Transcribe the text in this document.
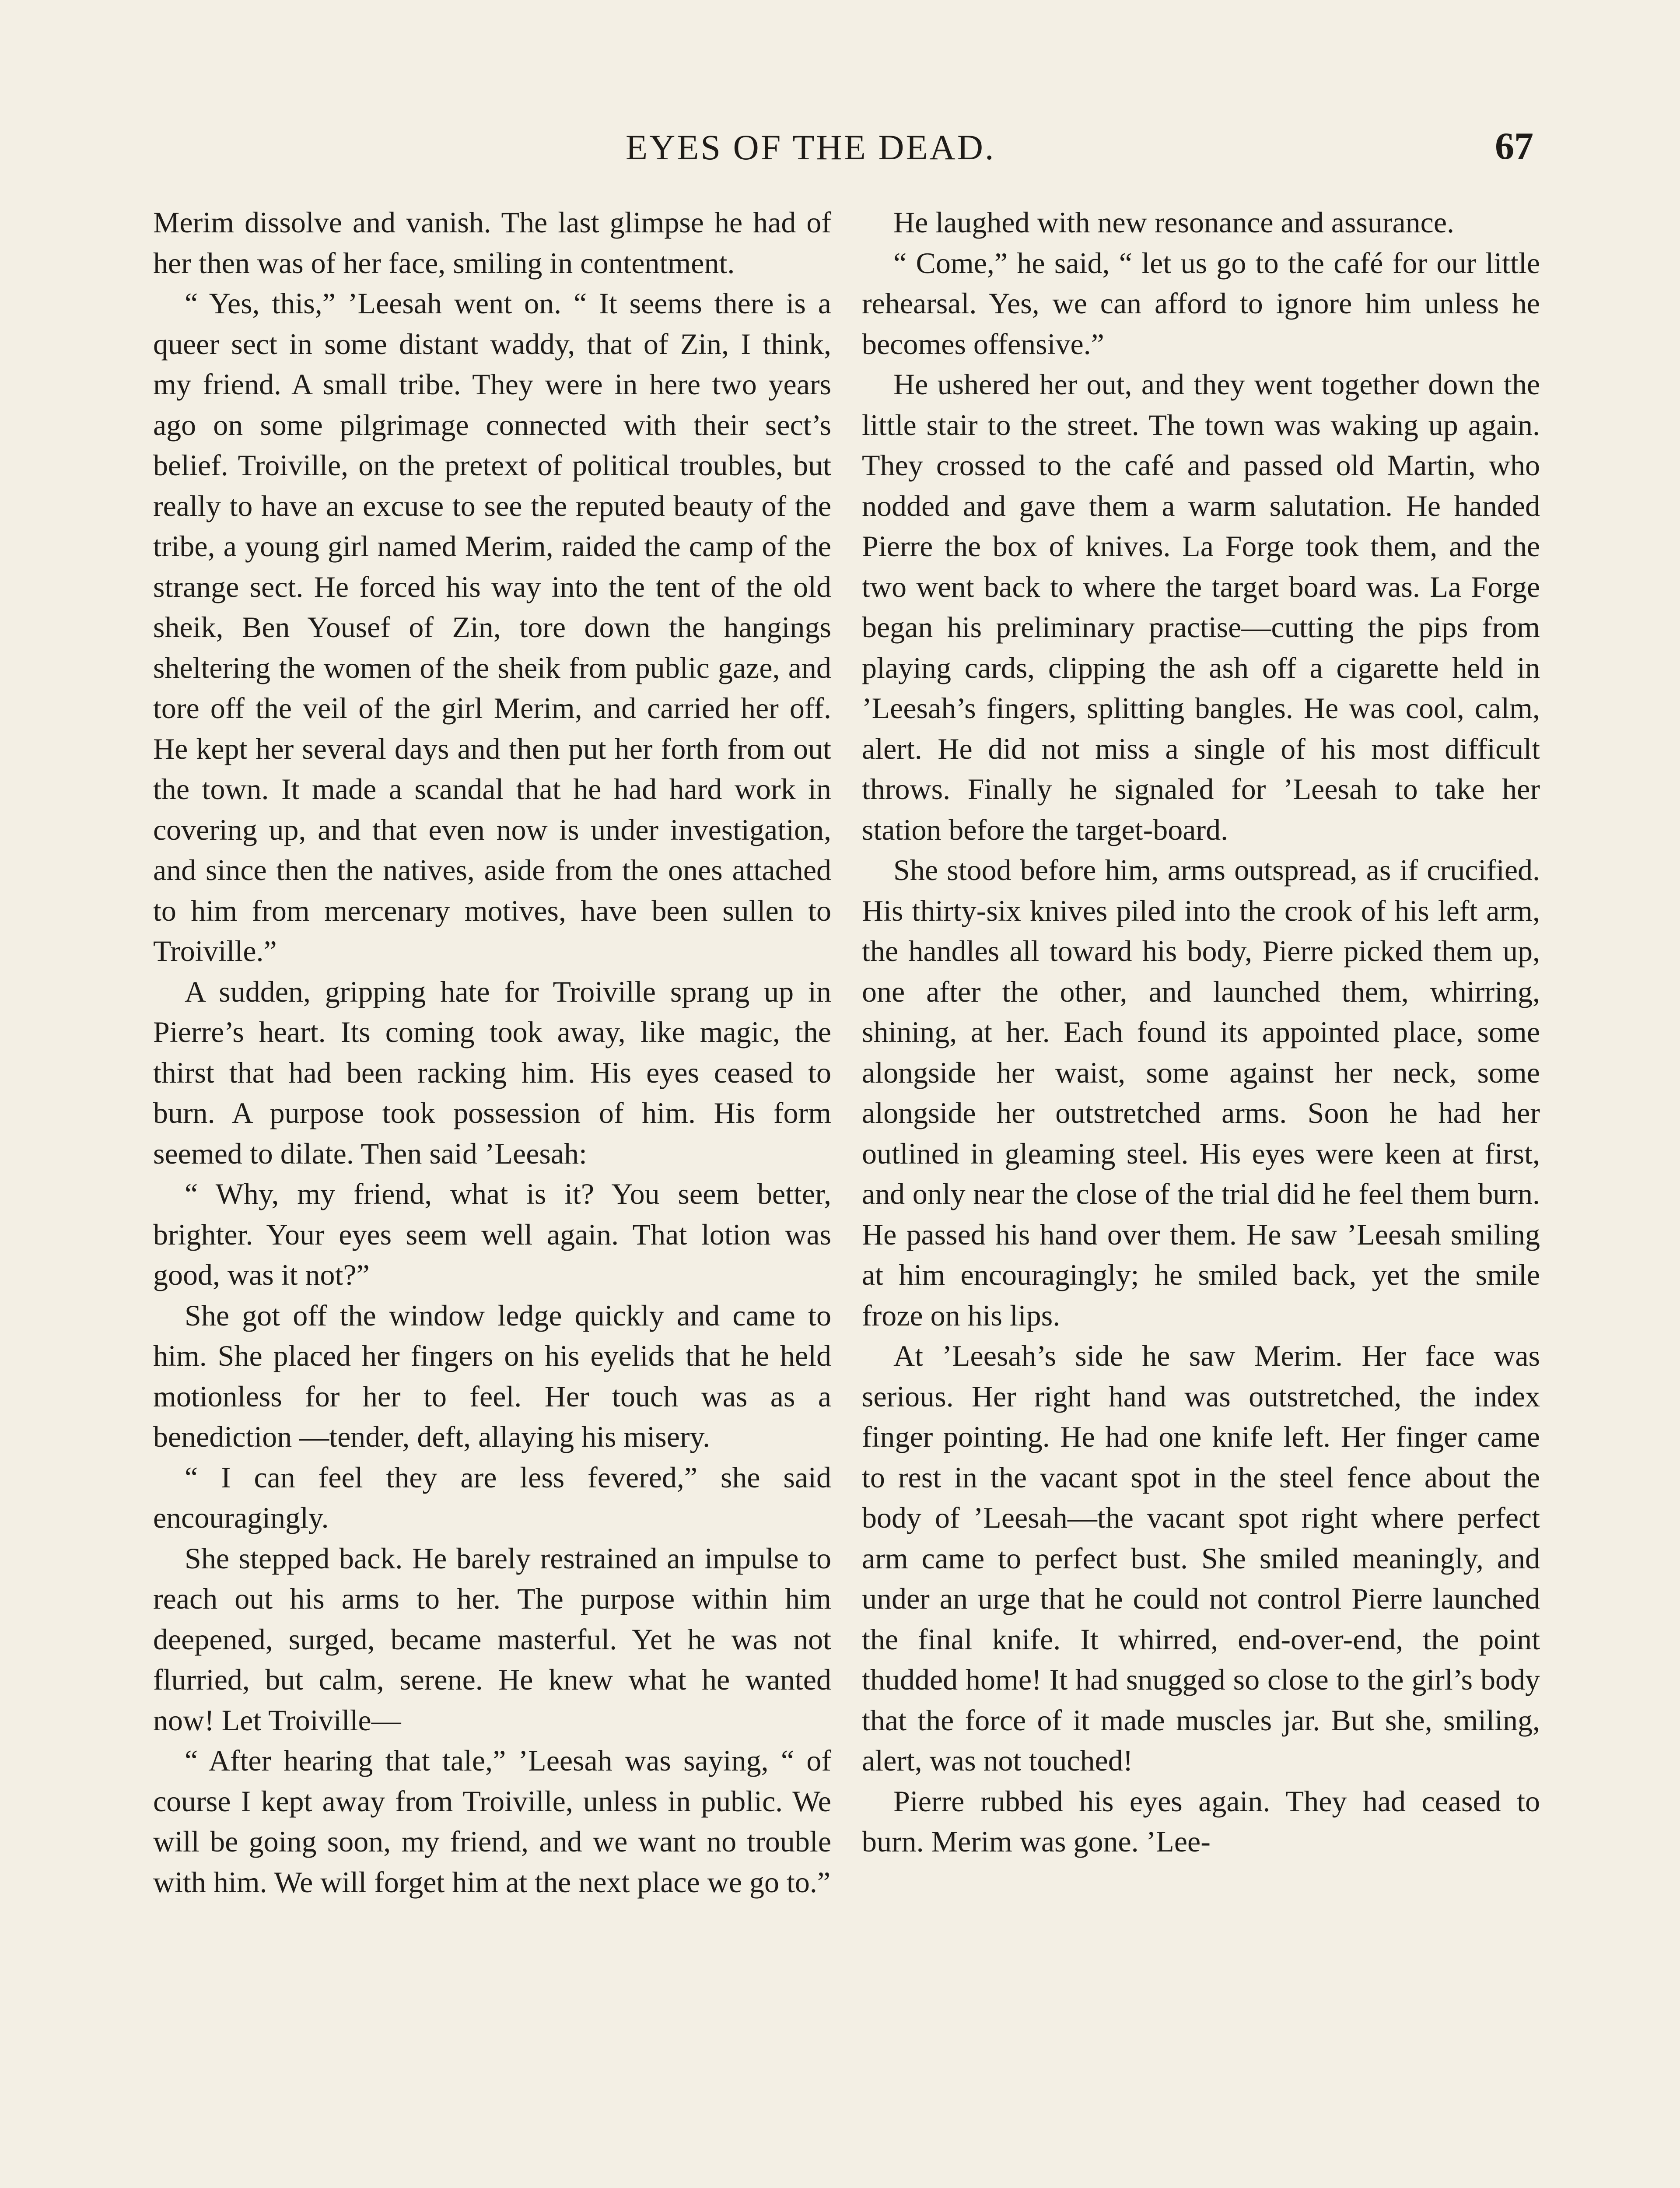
EYES OF THE DEAD.	67

Merim dissolve and vanish. The last glimpse he had of her then was of her face, smiling in contentment.

“ Yes, this,” ’Leesah went on. “ It seems there is a queer sect in some distant waddy, that of Zin, I think, my friend. A small tribe. They were in here two years ago on some pilgrimage connected with their sect’s belief. Troiville, on the pretext of political troubles, but really to have an excuse to see the reputed beauty of the tribe, a young girl named Merim, raided the camp of the strange sect. He forced his way into the tent of the old sheik, Ben Yousef of Zin, tore down the hangings sheltering the women of the sheik from public gaze, and tore off the veil of the girl Merim, and carried her off. He kept her several days and then put her forth from out the town. It made a scandal that he had hard work in covering up, and that even now is under investigation, and since then the natives, aside from the ones attached to him from mercenary motives, have been sullen to Troiville.”

A sudden, gripping hate for Troiville sprang up in Pierre’s heart. Its coming took away, like magic, the thirst that had been racking him. His eyes ceased to burn. A purpose took possession of him. His form seemed to dilate. Then said ’Leesah:

“ Why, my friend, what is it? You seem better, brighter. Your eyes seem well again. That lotion was good, was it not?”

She got off the window ledge quickly and came to him. She placed her fingers on his eyelids that he held motionless for her to feel. Her touch was as a benediction —tender, deft, allaying his misery.

“ I can feel they are less fevered,” she said encouragingly.

She stepped back. He barely restrained an impulse to reach out his arms to her. The purpose within him deepened, surged, became masterful. Yet he was not flurried, but calm, serene. He knew what he wanted now! Let Troiville—

“ After hearing that tale,” ’Leesah was saying, “ of course I kept away from Troiville, unless in public. We will be going soon, my friend, and we want no trouble with him. We will forget him at the next place we go to.”

He laughed with new resonance and assurance.

“ Come,” he said, “ let us go to the café for our little rehearsal. Yes, we can afford to ignore him unless he becomes offensive.”

He ushered her out, and they went together down the little stair to the street. The town was waking up again. They crossed to the café and passed old Martin, who nodded and gave them a warm salutation. He handed Pierre the box of knives. La Forge took them, and the two went back to where the target board was. La Forge began his preliminary practise—cutting the pips from playing cards, clipping the ash off a cigarette held in ’Leesah’s fingers, splitting bangles. He was cool, calm, alert. He did not miss a single of his most difficult throws. Finally he signaled for ’Leesah to take her station before the target-board.

She stood before him, arms outspread, as if crucified. His thirty-six knives piled into the crook of his left arm, the handles all toward his body, Pierre picked them up, one after the other, and launched them, whirring, shining, at her. Each found its appointed place, some alongside her waist, some against her neck, some alongside her outstretched arms. Soon he had her outlined in gleaming steel. His eyes were keen at first, and only near the close of the trial did he feel them burn. He passed his hand over them. He saw ’Leesah smiling at him encouragingly; he smiled back, yet the smile froze on his lips.

At ’Leesah’s side he saw Merim. Her face was serious. Her right hand was outstretched, the index finger pointing. He had one knife left. Her finger came to rest in the vacant spot in the steel fence about the body of ’Leesah—the vacant spot right where perfect arm came to perfect bust. She smiled meaningly, and under an urge that he could not control Pierre launched the final knife. It whirred, end-over-end, the point thudded home! It had snugged so close to the girl’s body that the force of it made muscles jar. But she, smiling, alert, was not touched!

Pierre rubbed his eyes again. They had ceased to burn. Merim was gone. ’Lee-
